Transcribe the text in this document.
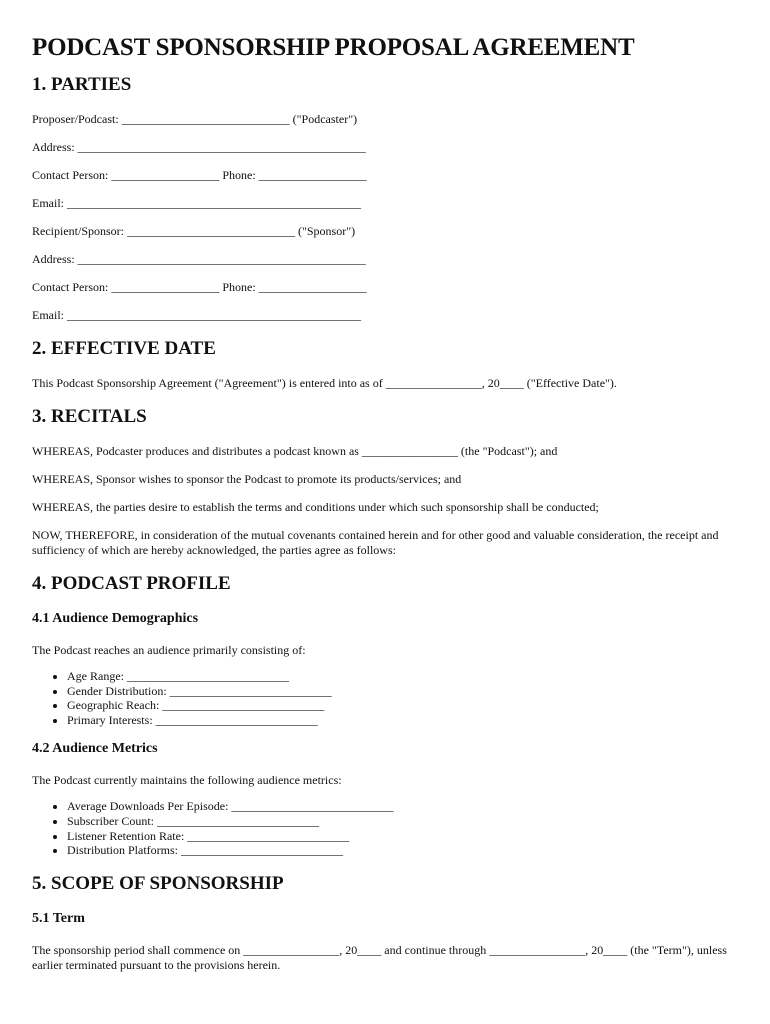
PODCAST SPONSORSHIP PROPOSAL AGREEMENT
1. PARTIES

Proposer/Podcast: ____________________________ ("Podcaster")

Address: ________________________________________________

Contact Person: __________________ Phone: __________________

Email: _________________________________________________

Recipient/Sponsor: ____________________________ ("Sponsor")

Address: ________________________________________________

Contact Person: __________________ Phone: __________________

Email: _________________________________________________

2. EFFECTIVE DATE

This Podcast Sponsorship Agreement ("Agreement") is entered into as of ________________, 20____ ("Effective Date").

3. RECITALS

WHEREAS, Podcaster produces and distributes a podcast known as ________________ (the "Podcast"); and

WHEREAS, Sponsor wishes to sponsor the Podcast to promote its products/services; and

WHEREAS, the parties desire to establish the terms and conditions under which such sponsorship shall be conducted;

NOW, THEREFORE, in consideration of the mutual covenants contained herein and for other good and valuable consideration, the receipt and sufficiency of which are hereby acknowledged, the parties agree as follows:

4. PODCAST PROFILE
4.1 Audience Demographics

The Podcast reaches an audience primarily consisting of:

• Age Range: ___________________________
• Gender Distribution: ___________________________
• Geographic Reach: ___________________________
• Primary Interests: ___________________________
4.2 Audience Metrics

The Podcast currently maintains the following audience metrics:

• Average Downloads Per Episode: ___________________________
• Subscriber Count: ___________________________
• Listener Retention Rate: ___________________________
• Distribution Platforms: ___________________________
5. SCOPE OF SPONSORSHIP
5.1 Term

The sponsorship period shall commence on ________________, 20____ and continue through ________________, 20____ (the "Term"), unless earlier terminated pursuant to the provisions herein.
